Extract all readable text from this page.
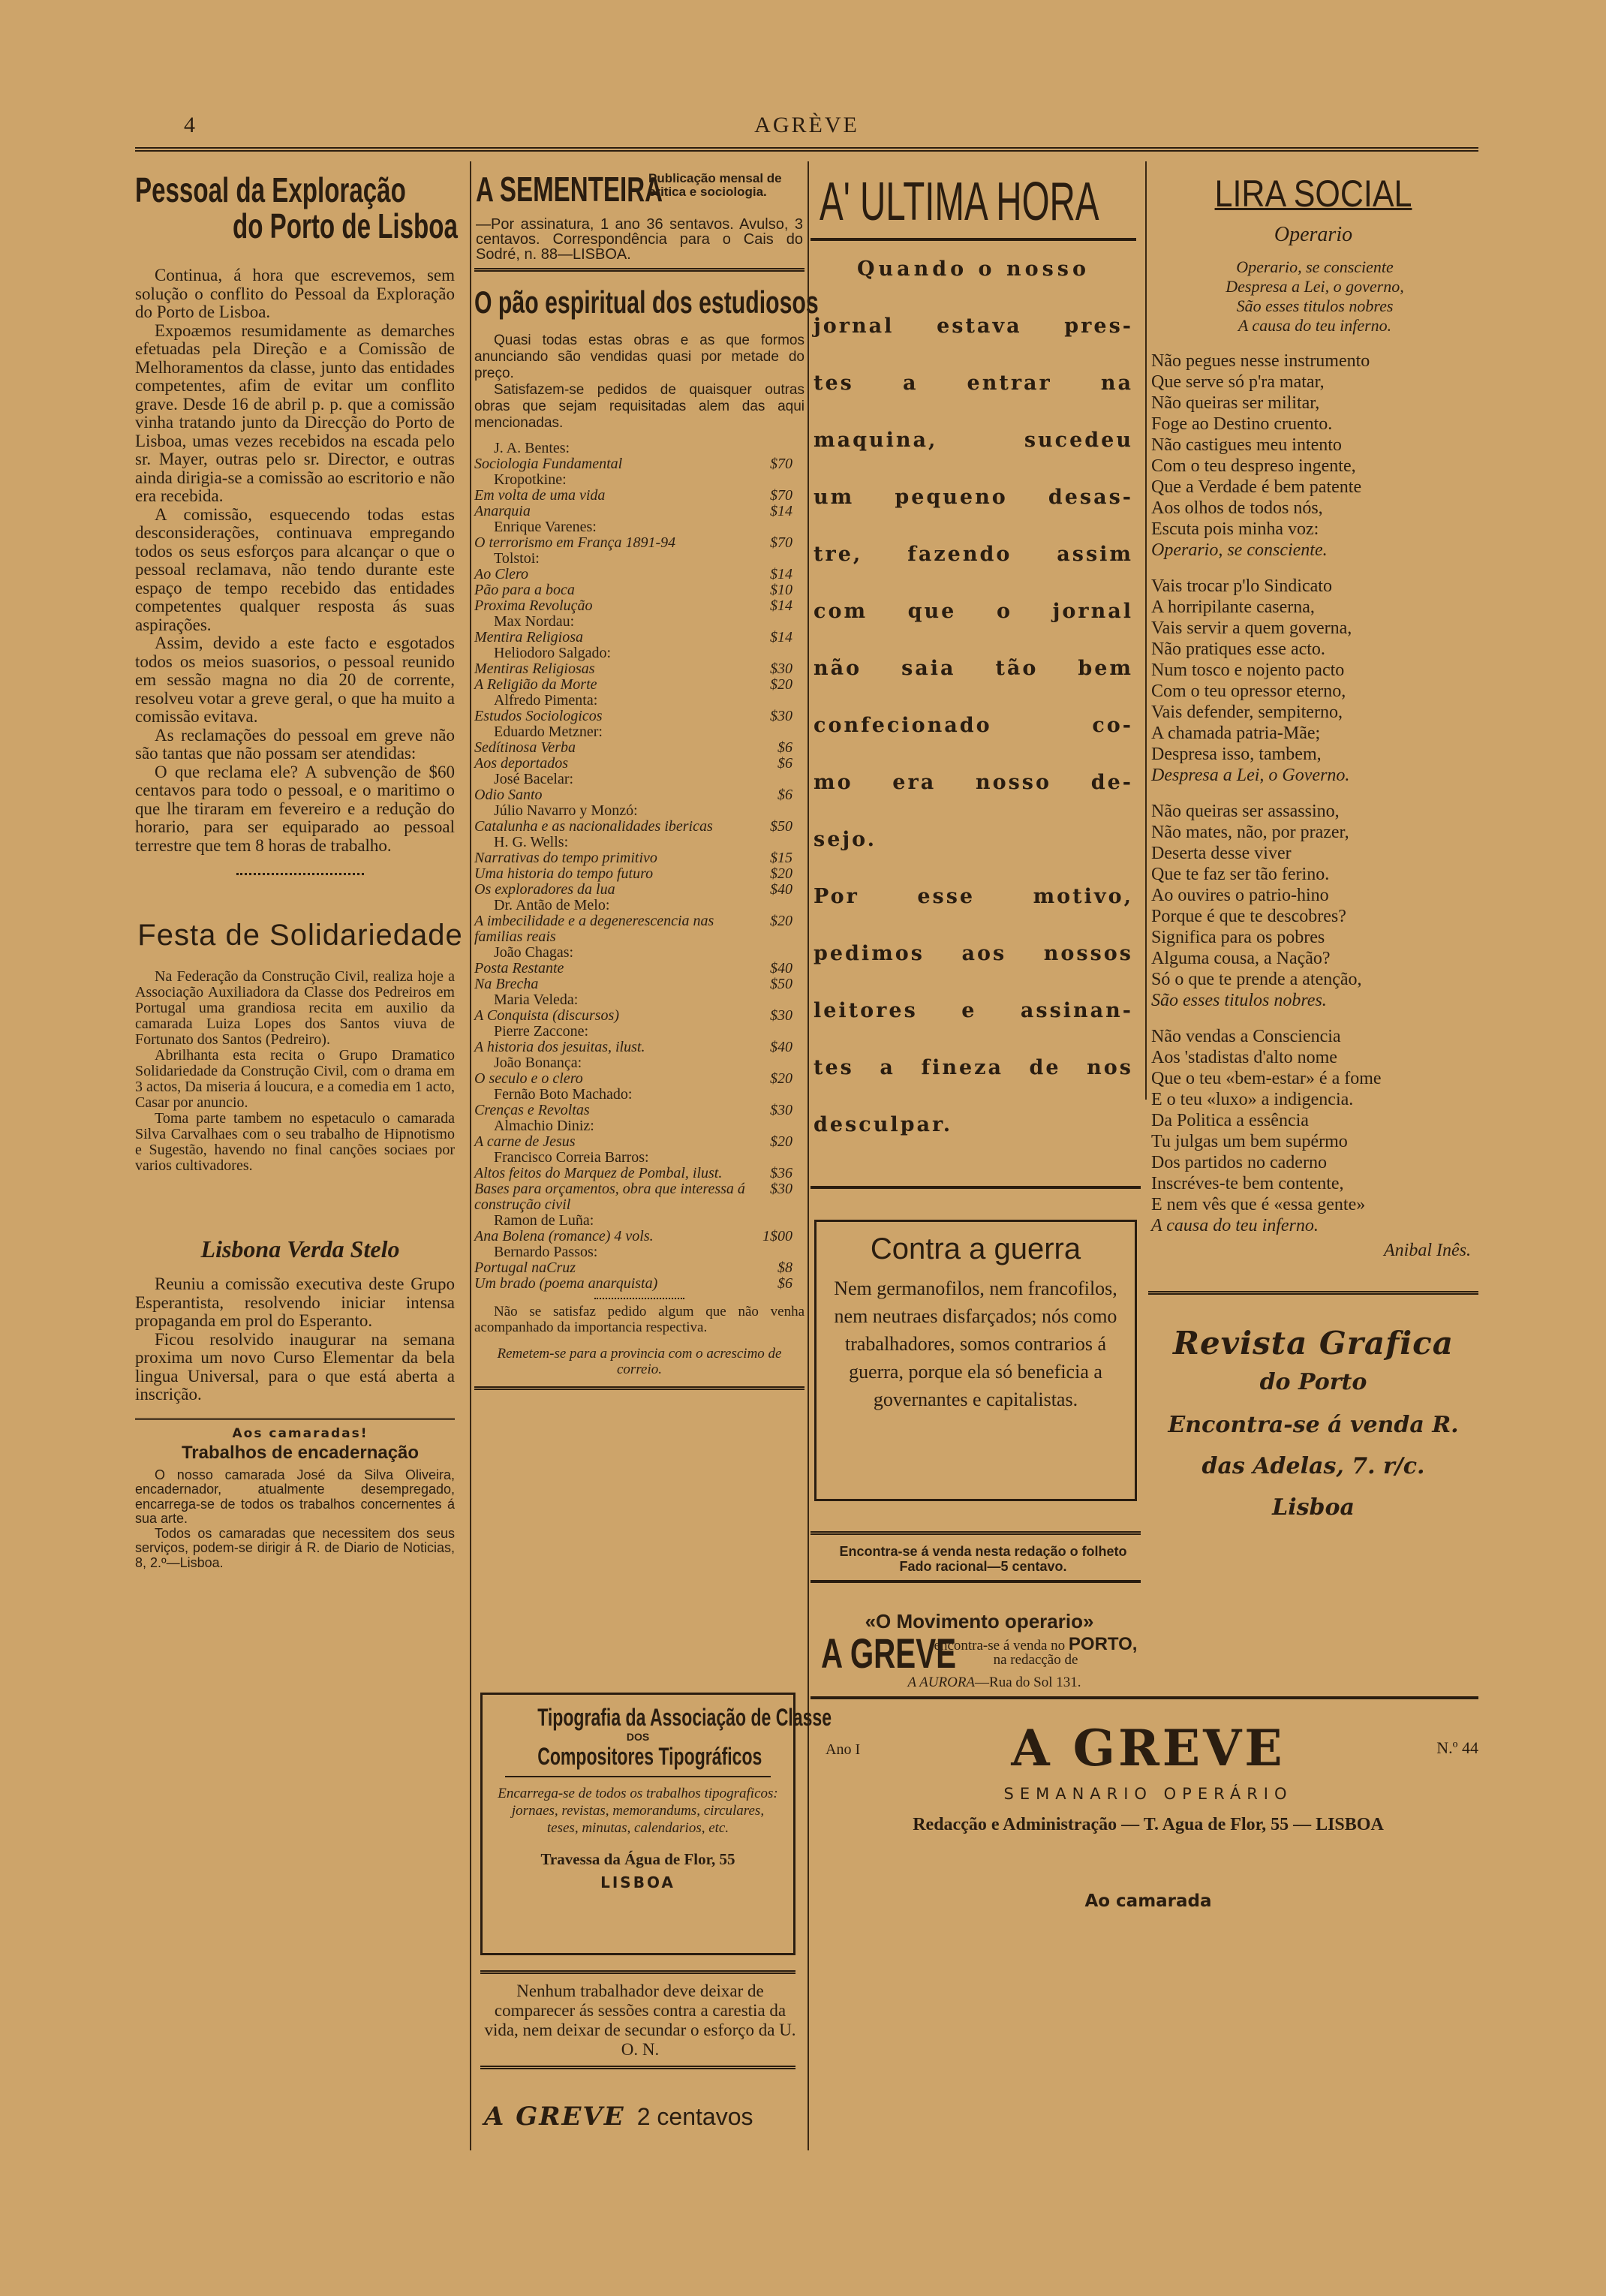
4	AGRÈVE
Pessoal da Exploração
do Porto de Lisboa

Continua, á hora que escrevemos, sem solução o conflito do Pessoal da Exploração do Porto de Lisboa.

Expoæmos resumidamente as demarches efetuadas pela Direção e a Comissão de Melhoramentos da classe, junto das entidades competentes, afim de evitar um conflito grave. Desde 16 de abril p. p. que a comissão vinha tratando junto da Direcção do Porto de Lisboa, umas vezes recebidos na escada pelo sr. Mayer, outras pelo sr. Director, e outras ainda dirigia-se a comissão ao escritorio e não era recebida.

A comissão, esquecendo todas estas desconsiderações, continuava empregando todos os seus esforços para alcançar o que o pessoal reclamava, não tendo durante este espaço de tempo recebido das entidades competentes qualquer resposta ás suas aspirações.

Assim, devido a este facto e esgotados todos os meios suasorios, o pessoal reunido em sessão magna no dia 20 de corrente, resolveu votar a greve geral, o que ha muito a comissão evitava.

As reclamações do pessoal em greve não são tantas que não possam ser atendidas:

O que reclama ele? A subvenção de $60 centavos para todo o pessoal, e o maritimo o que lhe tiraram em fevereiro e a redução do horario, para ser equiparado ao pessoal terrestre que tem 8 horas de trabalho.

Festa de Solidariedade

Na Federação da Construção Civil, realiza hoje a Associação Auxiliadora da Classe dos Pedreiros em Portugal uma grandiosa recita em auxilio da camarada Luiza Lopes dos Santos viuva de Fortunato dos Santos (Pedreiro).

Abrilhanta esta recita o Grupo Dramatico Solidariedade da Construção Civil, com o drama em 3 actos, Da miseria á loucura, e a comedia em 1 acto, Casar por anuncio.

Toma parte tambem no espetaculo o camarada Silva Carvalhaes com o seu trabalho de Hipnotismo e Sugestão, havendo no final canções sociaes por varios cultivadores.

Lisbona Verda Stelo

Reuniu a comissão executiva deste Grupo Esperantista, resolvendo iniciar intensa propaganda em prol do Esperanto.

Ficou resolvido inaugurar na semana proxima um novo Curso Elementar da bela lingua Universal, para o que está aberta a inscrição.

Aos camaradas!
Trabalhos de encadernação

O nosso camarada José da Silva Oliveira, encadernador, atualmente desempregado, encarrega-se de todos os trabalhos concernentes á sua arte.

Todos os camaradas que necessitem dos seus serviços, podem-se dirigir á R. de Diario de Noticias, 8, 2.º—Lisboa.

A SEMENTEIRA
Publicação mensal de critica e sociologia.
—Por assinatura, 1 ano 36 sentavos. Avulso, 3 centavos. Correspondência para o Cais do Sodré, n. 88—LISBOA.
O pão espiritual dos estudiosos

Quasi todas estas obras e as que formos anunciando são vendidas quasi por metade do preço.

Satisfazem-se pedidos de quaisquer outras obras que sejam requisitadas alem das aqui mencionadas.

J. A. Bentes:
Sociologia Fundamental	$70
Kropotkine:
Em volta de uma vida	$70
Anarquia	$14
Enrique Varenes:
O terrorismo em França 1891-94	$70
Tolstoi:
Ao Clero	$14
Pão para a boca	$10
Proxima Revolução	$14
Max Nordau:
Mentira Religiosa	$14
Heliodoro Salgado:
Mentiras Religiosas	$30
A Religião da Morte	$20
Alfredo Pimenta:
Estudos Sociologicos	$30
Eduardo Metzner:
Sedítinosa Verba	$6
Aos deportados	$6
José Bacelar:
Odio Santo	$6
Júlio Navarro y Monzó:
Catalunha e as nacionalidades ibericas	$50
H. G. Wells:
Narrativas do tempo primitivo	$15
Uma historia do tempo futuro	$20
Os exploradores da lua	$40
Dr. Antão de Melo:
A imbecilidade e a degenerescencia nas familias reais
$20
João Chagas:
Posta Restante	$40
Na Brecha	$50
Maria Veleda:
A Conquista (discursos)	$30
Pierre Zaccone:
A historia dos jesuitas, ilust.	$40
João Bonança:
O seculo e o clero	$20
Fernão Boto Machado:
Crenças e Revoltas	$30
Almachio Diniz:
A carne de Jesus	$20
Francisco Correia Barros:
Altos feitos do Marquez de Pombal, ilust.	$36
Bases para orçamentos, obra que interessa á construção civil
$30
Ramon de Luña:
Ana Bolena (romance) 4 vols.	1$00
Bernardo Passos:
Portugal naCruz	$8
Um brado (poema anarquista)	$6

Não se satisfaz pedido algum que não venha acompanhado da importancia respectiva.

Remetem-se para a provincia com o acrescimo de correio.
Tipografia da Associação de Classe
DOS
Compositores Tipográficos
Encarrega-se de todos os trabalhos tipograficos: jornaes, revistas, memorandums, circulares, teses, minutas, calendarios, etc.
Travessa da Água de Flor, 55
LISBOA
Nenhum trabalhador deve deixar de comparecer ás sessões contra a carestia da vida, nem deixar de secundar o esforço da U. O. N.
A GREVE 2 centavos
A' ULTIMA HORA
Quando o nosso
jornal estava pres-
tes a entrar na
maquina, sucedeu
um pequeno desas-
tre, fazendo assim
com que o jornal
não saia tão bem
confecionado co-
mo era nosso de-
sejo.
Por esse motivo,
pedimos aos nossos
leitores e assinan-
tes a fineza de nos
desculpar.
Contra a guerra
Nem germanofilos, nem francofilos, nem neutraes disfarçados; nós como trabalhadores, somos contrarios á guerra, porque ela só beneficia a governantes e capitalistas.
Encontra-se á venda nesta redação o folheto Fado racional—5 centavo.
«O Movimento operario»
A GREVE
encontra-se á venda no PORTO, na redacção de
A AURORA—Rua do Sol 131.
LIRA SOCIAL
Operario
Operario, se consciente
Despresa a Lei, o governo,
São esses titulos nobres
A causa do teu inferno.
Não pegues nesse instrumento
Que serve só p'ra matar,
Não queiras ser militar,
Foge ao Destino cruento.
Não castigues meu intento
Com o teu despreso ingente,
Que a Verdade é bem patente
Aos olhos de todos nós,
Escuta pois minha voz:
Operario, se consciente.
Vais trocar p'lo Sindicato
A horripilante caserna,
Vais servir a quem governa,
Não pratiques esse acto.
Num tosco e nojento pacto
Com o teu opressor eterno,
Vais defender, sempiterno,
A chamada patria-Mãe;
Despresa isso, tambem,
Despresa a Lei, o Governo.
Não queiras ser assassino,
Não mates, não, por prazer,
Deserta desse viver
Que te faz ser tão ferino.
Ao ouvires o patrio-hino
Porque é que te descobres?
Significa para os pobres
Alguma cousa, a Nação?
Só o que te prende a atenção,
São esses titulos nobres.
Não vendas a Consciencia
Aos 'stadistas d'alto nome
Que o teu «bem-estar» é a fome
E o teu «luxo» a indigencia.
Da Politica a essência
Tu julgas um bem supérmo
Dos partidos no caderno
Inscréves-te bem contente,
E nem vês que é «essa gente»
A causa do teu inferno.
Anibal Inês.
Revista Grafica
do Porto
Encontra-se á venda R.
das Adelas, 7. r/c.
Lisboa
Ano I	A GREVE	N.º 44
SEMANARIO OPERÁRIO
Redacção e Administração — T. Agua de Flor, 55 — LISBOA
Ao camarada
